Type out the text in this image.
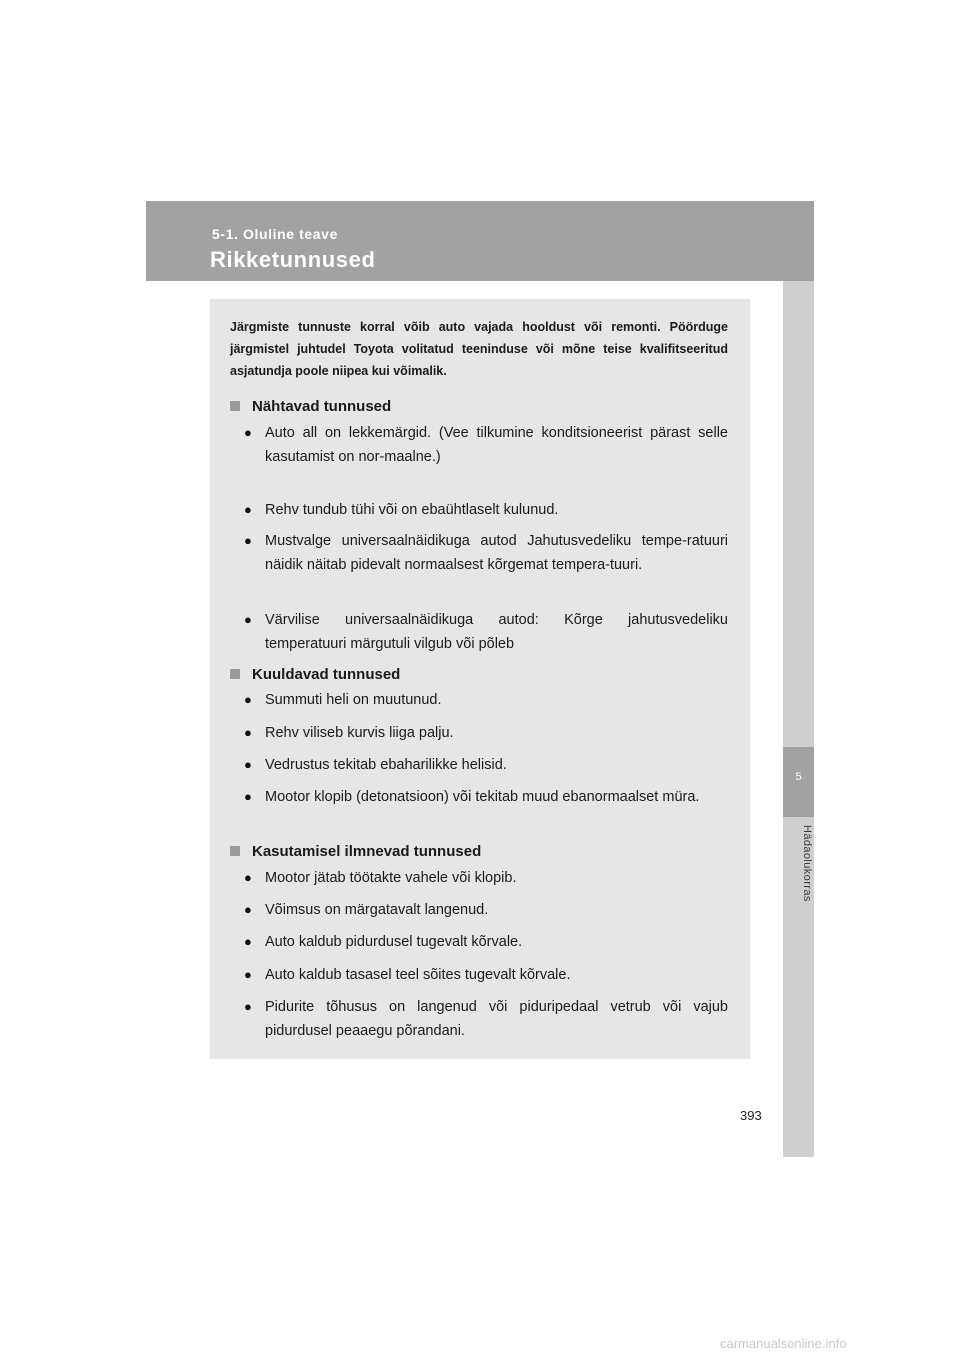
5-1. Oluline teave
Rikketunnused
5
Hädaolukorras

Järgmiste tunnuste korral võib auto vajada hooldust või remonti. Pöörduge järgmistel juhtudel Toyota volitatud teeninduse või mõne teise kvalifitseeritud asjatundja poole niipea kui võimalik.

Nähtavad tunnused
● Auto all on lekkemärgid. (Vee tilkumine konditsioneerist pärast selle kasutamist on nor-maalne.)

● Rehv tundub tühi või on ebaühtlaselt kulunud.

● Mustvalge universaalnäidikuga autod Jahutusvedeliku tempe-ratuuri näidik näitab pidevalt normaalsest kõrgemat tempera-tuuri.

● Värvilise universaalnäidikuga autod: Kõrge jahutusvedeliku temperatuuri märgutuli vilgub või põleb

Kuuldavad tunnused
● Summuti heli on muutunud.

● Rehv viliseb kurvis liiga palju.

● Vedrustus tekitab ebaharilikke helisid.

● Mootor klopib (detonatsioon) või tekitab muud ebanormaalset müra.

Kasutamisel ilmnevad tunnused
● Mootor jätab töötakte vahele või klopib.

● Võimsus on märgatavalt langenud.

● Auto kaldub pidurdusel tugevalt kõrvale.

● Auto kaldub tasasel teel sõites tugevalt kõrvale.

● Pidurite tõhusus on langenud või piduripedaal vetrub või vajub pidurdusel peaaegu põrandani.

393
carmanualsonline.info
